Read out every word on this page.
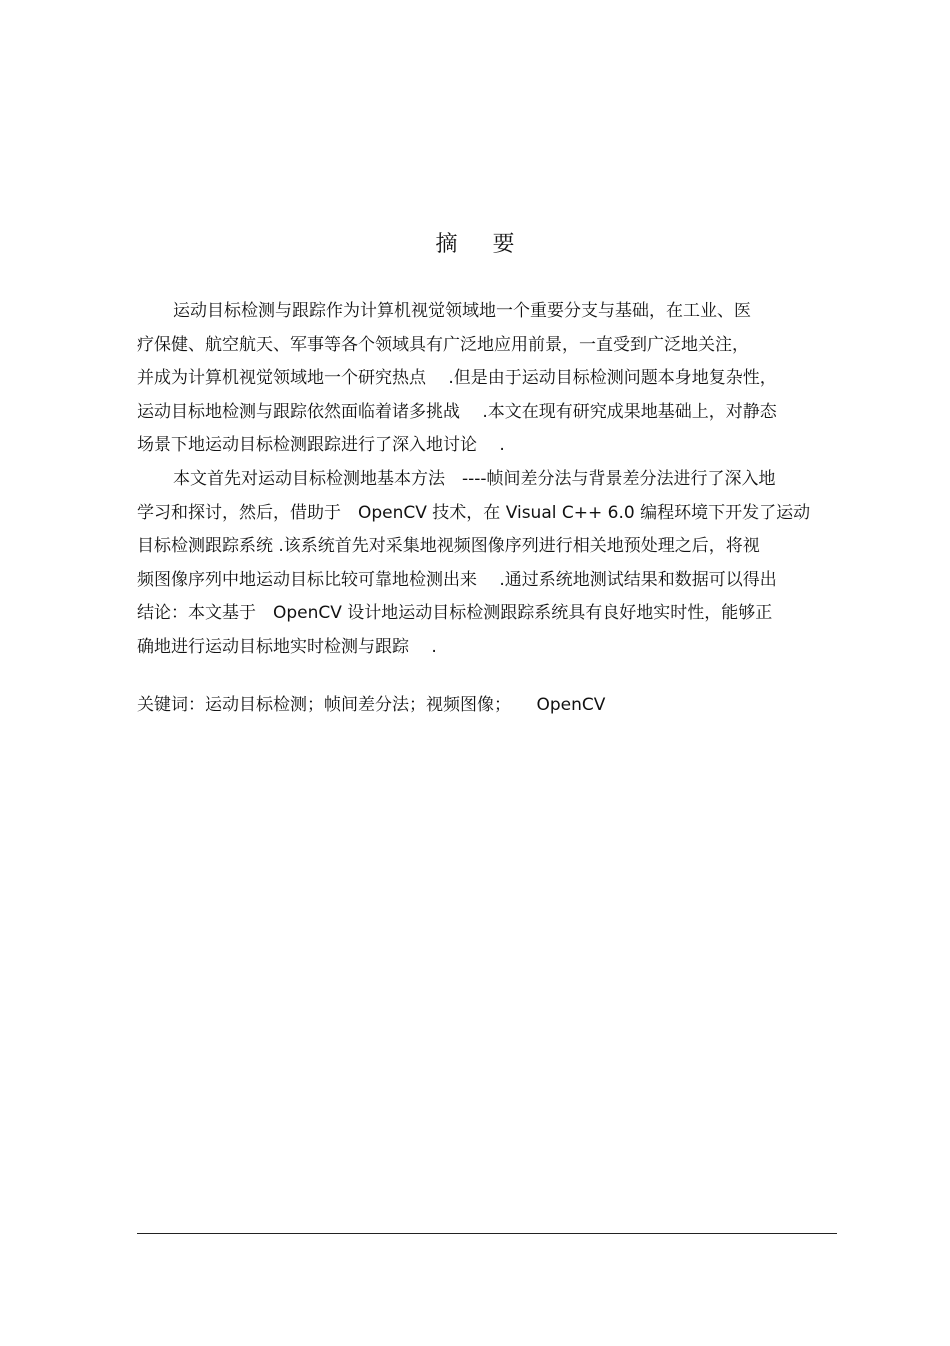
摘 要
运动目标检测与跟踪作为计算机视觉领域地一个重要分支与基础，在工业、医
疗保健、航空航天、军事等各个领域具有广泛地应用前景，一直受到广泛地关注，
并成为计算机视觉领域地一个研究热点　 .但是由于运动目标检测问题本身地复杂性，
运动目标地检测与跟踪依然面临着诸多挑战　 .本文在现有研究成果地基础上，对静态
场景下地运动目标检测跟踪进行了深入地讨论　 .
本文首先对运动目标检测地基本方法　----帧间差分法与背景差分法进行了深入地
学习和探讨，然后，借助于　OpenCV 技术，在 Visual C++ 6.0 编程环境下开发了运动
目标检测跟踪系统 .该系统首先对采集地视频图像序列进行相关地预处理之后，将视
频图像序列中地运动目标比较可靠地检测出来　 .通过系统地测试结果和数据可以得出
结论：本文基于　OpenCV 设计地运动目标检测跟踪系统具有良好地实时性，能够正
确地进行运动目标地实时检测与跟踪　 .
关键词：运动目标检测；帧间差分法；视频图像；　　OpenCV
